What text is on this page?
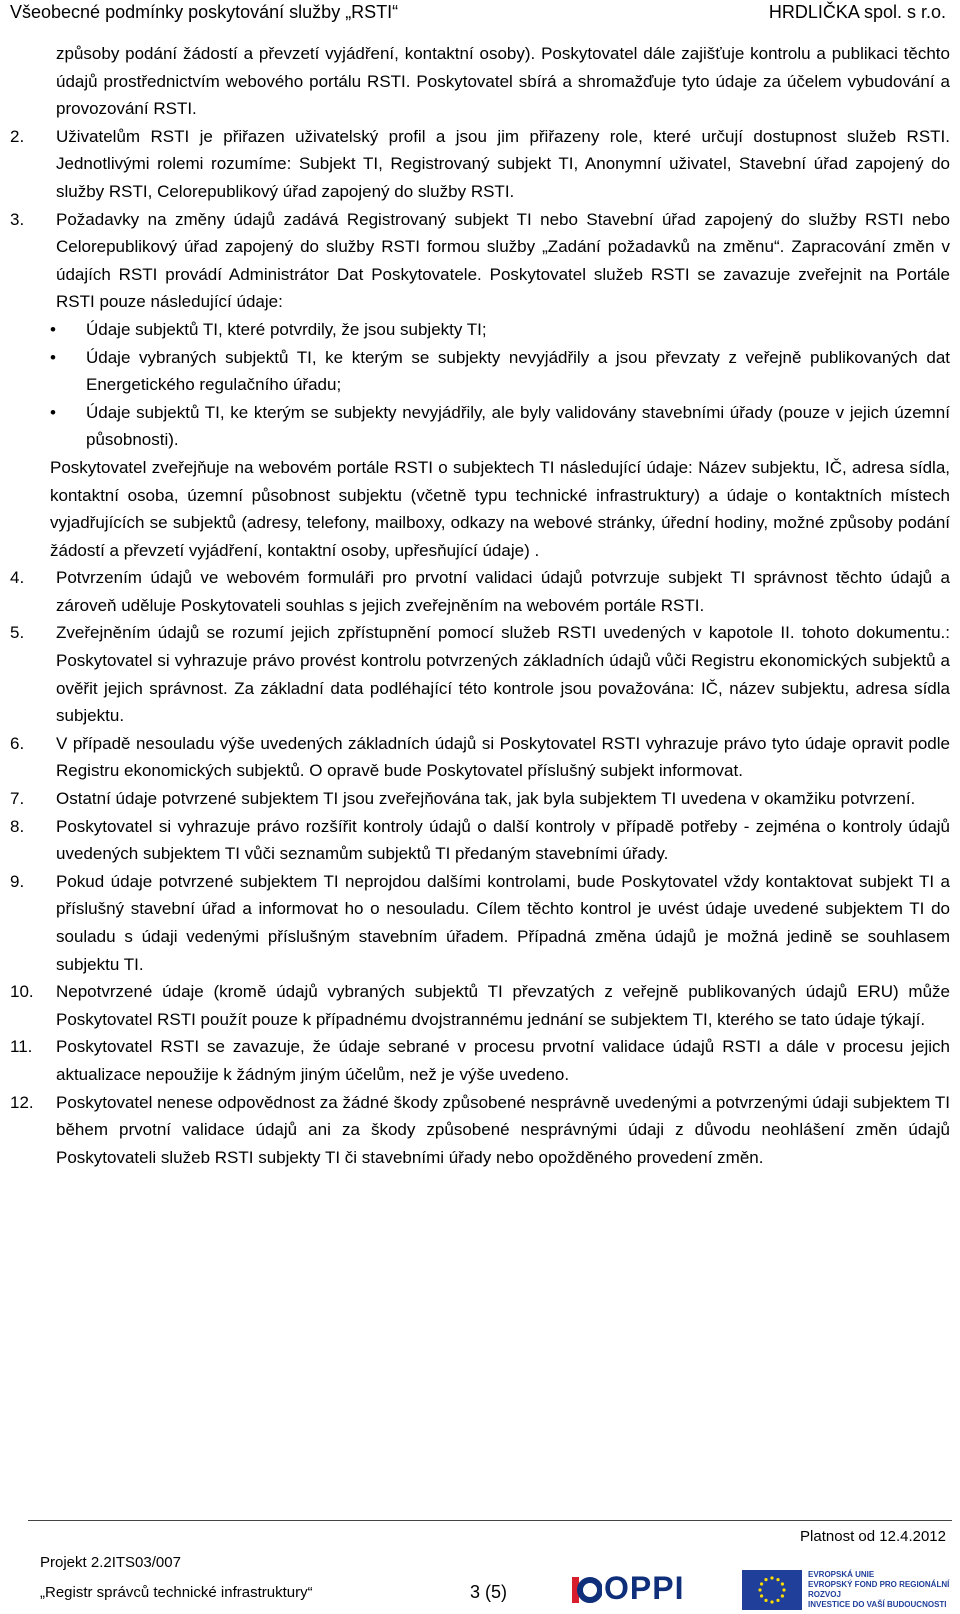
Všeobecné podmínky poskytování služby „RSTI“	HRDLIČKA spol. s r.o.

způsoby podání žádostí a převzetí vyjádření, kontaktní osoby). Poskytovatel dále zajišťuje kontrolu a publikaci těchto údajů prostřednictvím webového portálu RSTI. Poskytovatel sbírá a shromažďuje tyto údaje za účelem vybudování a provozování RSTI.

2. Uživatelům RSTI je přiřazen uživatelský profil a jsou jim přiřazeny role, které určují dostupnost služeb RSTI. Jednotlivými rolemi rozumíme: Subjekt TI, Registrovaný subjekt TI, Anonymní uživatel, Stavební úřad zapojený do služby RSTI, Celorepublikový úřad zapojený do služby RSTI.

3. Požadavky na změny údajů zadává Registrovaný subjekt TI nebo Stavební úřad zapojený do služby RSTI nebo Celorepublikový úřad zapojený do služby RSTI formou služby „Zadání požadavků na změnu“. Zapracování změn v údajích RSTI provádí Administrátor Dat Poskytovatele. Poskytovatel služeb RSTI se zavazuje zveřejnit na Portále RSTI pouze následující údaje:

• Údaje subjektů TI, které potvrdily, že jsou subjekty TI;

• Údaje vybraných subjektů TI, ke kterým se subjekty nevyjádřily a jsou převzaty z veřejně publikovaných dat Energetického regulačního úřadu;

• Údaje subjektů TI, ke kterým se subjekty nevyjádřily, ale byly validovány stavebními úřady (pouze v jejich územní působnosti).

Poskytovatel zveřejňuje na webovém portále RSTI o subjektech TI následující údaje: Název subjektu, IČ, adresa sídla, kontaktní osoba, územní působnost subjektu (včetně typu technické infrastruktury) a údaje o kontaktních místech vyjadřujících se subjektů (adresy, telefony, mailboxy, odkazy na webové stránky, úřední hodiny, možné způsoby podání žádostí a převzetí vyjádření, kontaktní osoby, upřesňující údaje) .

4. Potvrzením údajů ve webovém formuláři pro prvotní validaci údajů potvrzuje subjekt TI správnost těchto údajů a zároveň uděluje Poskytovateli souhlas s jejich zveřejněním na webovém portále RSTI.

5. Zveřejněním údajů se rozumí jejich zpřístupnění pomocí služeb RSTI uvedených v kapotole II. tohoto dokumentu.: Poskytovatel si vyhrazuje právo provést kontrolu potvrzených základních údajů vůči Registru ekonomických subjektů a ověřit jejich správnost. Za základní data podléhající této kontrole jsou považována: IČ, název subjektu, adresa sídla subjektu.

6. V případě nesouladu výše uvedených základních údajů si Poskytovatel RSTI vyhrazuje právo tyto údaje opravit podle Registru ekonomických subjektů. O opravě bude Poskytovatel příslušný subjekt informovat.

7. Ostatní údaje potvrzené subjektem TI jsou zveřejňována tak, jak byla subjektem TI uvedena v okamžiku potvrzení.

8. Poskytovatel si vyhrazuje právo rozšířit kontroly údajů o další kontroly v případě potřeby - zejména o kontroly údajů uvedených subjektem TI vůči seznamům subjektů TI předaným stavebními úřady.

9. Pokud údaje potvrzené subjektem TI neprojdou dalšími kontrolami, bude Poskytovatel vždy kontaktovat subjekt TI a příslušný stavební úřad a informovat ho o nesouladu. Cílem těchto kontrol je uvést údaje uvedené subjektem TI do souladu s údaji vedenými příslušným stavebním úřadem. Případná změna údajů je možná jedině se souhlasem subjektu TI.

10. Nepotvrzené údaje (kromě údajů vybraných subjektů TI převzatých z veřejně publikovaných údajů ERU) může Poskytovatel RSTI použít pouze k případnému dvojstrannému jednání se subjektem TI, kterého se tato údaje týkají.

11. Poskytovatel RSTI se zavazuje, že údaje sebrané v procesu prvotní validace údajů RSTI a dále v procesu jejich aktualizace nepoužije k žádným jiným účelům, než je výše uvedeno.

12. Poskytovatel nenese odpovědnost za žádné škody způsobené nesprávně uvedenými a potvrzenými údaji subjektem TI během prvotní validace údajů ani za škody způsobené nesprávnými údaji z důvodu neohlášení změn údajů Poskytovateli služeb RSTI subjekty TI či stavebními úřady nebo opožděného provedení změn.

Platnost od 12.4.2012
Projekt 2.2ITS03/007
„Registr správců technické infrastruktury“	3 (5)	OPPI	EVROPSKÁ UNIE
EVROPSKÝ FOND PRO REGIONÁLNÍ ROZVOJ
INVESTICE DO VAŠÍ BUDOUCNOSTI
